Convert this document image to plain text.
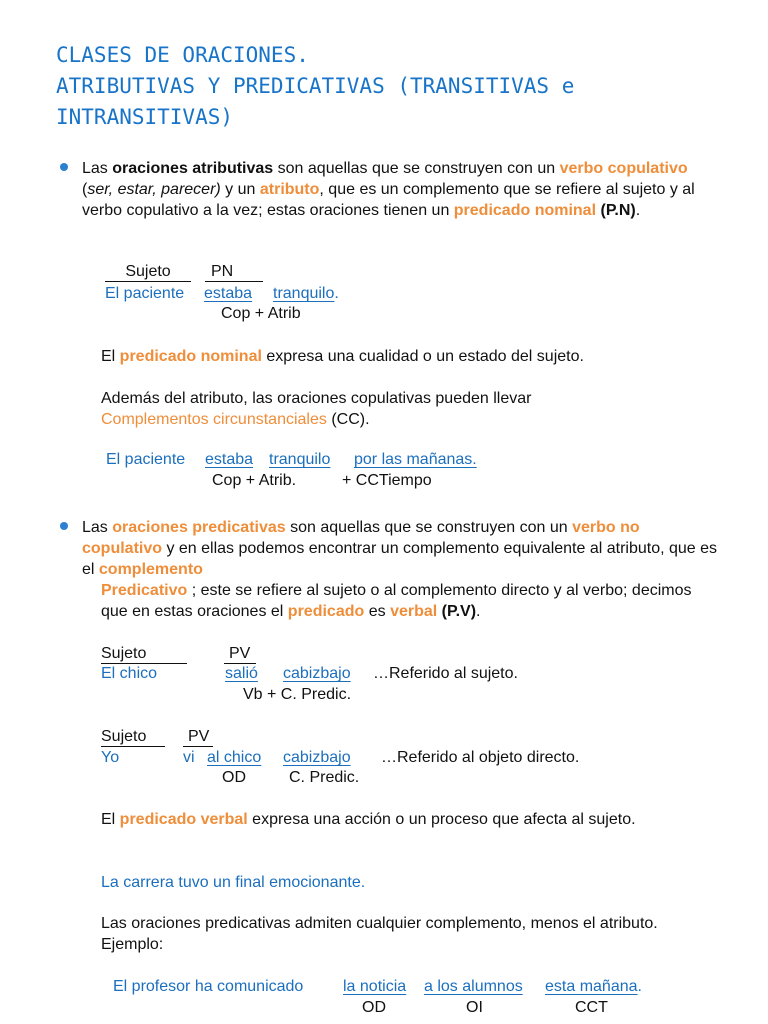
CLASES DE ORACIONES.
ATRIBUTIVAS Y PREDICATIVAS (TRANSITIVAS e
INTRANSITIVAS)
Las oraciones atributivas son aquellas que se construyen con un verbo copulativo (ser, estar, parecer) y un atributo, que es un complemento que se refiere al sujeto y al verbo copulativo a la vez; estas oraciones tienen un predicado nominal (P.N).
Sujeto	PN
El paciente estaba tranquilo.
Cop + Atrib
El predicado nominal expresa una cualidad o un estado del sujeto.
Además del atributo, las oraciones copulativas pueden llevar
Complementos circunstanciales (CC).
El paciente estaba tranquilo por las mañanas.
Cop + Atrib.	+ CCTiempo
Las oraciones predicativas son aquellas que se construyen con un verbo no copulativo y en ellas podemos encontrar un complemento equivalente al atributo, que es el complemento
Predicativo ; este se refiere al sujeto o al complemento directo y al verbo; decimos que en estas oraciones el predicado es verbal (P.V).
Sujeto	PV
El chico	salió cabizbajo …Referido al sujeto.
Vb + C. Predic.
Sujeto	PV
Yo	vi al chico cabizbajo …Referido al objeto directo.
OD	C. Predic.
El predicado verbal expresa una acción o un proceso que afecta al sujeto.
La carrera tuvo un final emocionante.
Las oraciones predicativas admiten cualquier complemento, menos el atributo. Ejemplo:
El profesor ha comunicado la noticia a los alumnos esta mañana.
OD	OI	CCT
